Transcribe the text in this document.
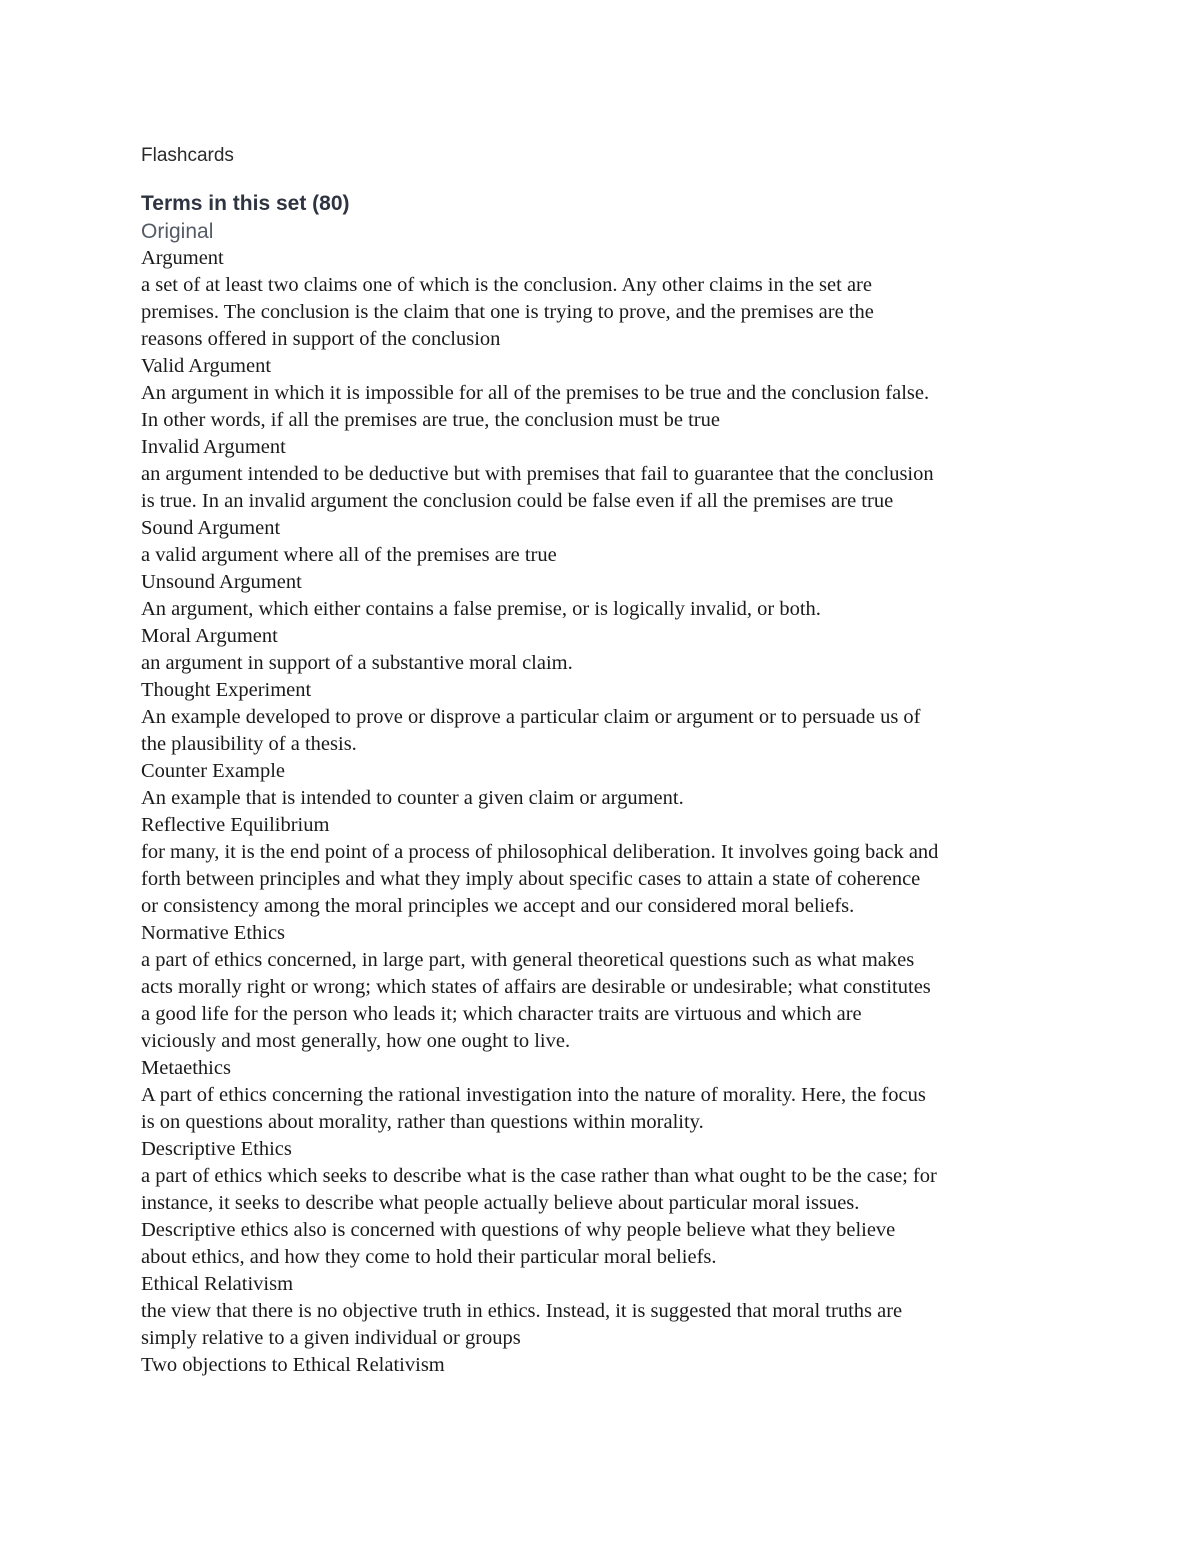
Flashcards

Terms in this set (80)

Original

Argument

a set of at least two claims one of which is the conclusion. Any other claims in the set are

premises. The conclusion is the claim that one is trying to prove, and the premises are the

reasons offered in support of the conclusion

Valid Argument

An argument in which it is impossible for all of the premises to be true and the conclusion false.

In other words, if all the premises are true, the conclusion must be true

Invalid Argument

an argument intended to be deductive but with premises that fail to guarantee that the conclusion

is true. In an invalid argument the conclusion could be false even if all the premises are true

Sound Argument

a valid argument where all of the premises are true

Unsound Argument

An argument, which either contains a false premise, or is logically invalid, or both.

Moral Argument

an argument in support of a substantive moral claim.

Thought Experiment

An example developed to prove or disprove a particular claim or argument or to persuade us of

the plausibility of a thesis.

Counter Example

An example that is intended to counter a given claim or argument.

Reflective Equilibrium

for many, it is the end point of a process of philosophical deliberation. It involves going back and

forth between principles and what they imply about specific cases to attain a state of coherence

or consistency among the moral principles we accept and our considered moral beliefs.

Normative Ethics

a part of ethics concerned, in large part, with general theoretical questions such as what makes

acts morally right or wrong; which states of affairs are desirable or undesirable; what constitutes

a good life for the person who leads it; which character traits are virtuous and which are

viciously and most generally, how one ought to live.

Metaethics

A part of ethics concerning the rational investigation into the nature of morality. Here, the focus

is on questions about morality, rather than questions within morality.

Descriptive Ethics

a part of ethics which seeks to describe what is the case rather than what ought to be the case; for

instance, it seeks to describe what people actually believe about particular moral issues.

Descriptive ethics also is concerned with questions of why people believe what they believe

about ethics, and how they come to hold their particular moral beliefs.

Ethical Relativism

the view that there is no objective truth in ethics. Instead, it is suggested that moral truths are

simply relative to a given individual or groups

Two objections to Ethical Relativism
